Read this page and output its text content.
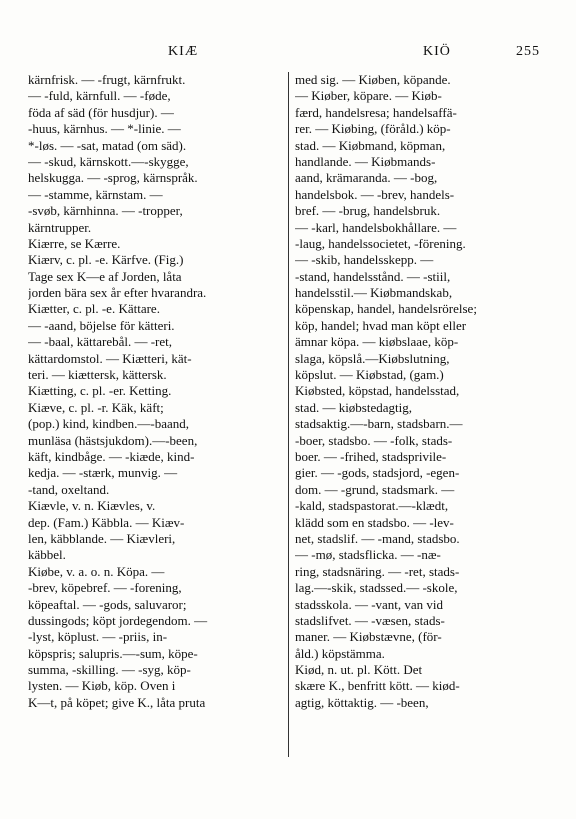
KIÆ	KIÖ	255
kärnfrisk. — -frugt, kärnfrukt.
— -fuld, kärnfull. — -føde,
föda af säd (för husdjur). —
-huus, kärnhus. — *-linie. —
*-løs. — -sat, matad (om säd).
— -skud, kärnskott.—-skygge,
helskugga. — -sprog, kärnspråk.
— -stamme, kärnstam. —
-svøb, kärnhinna. — -tropper,
kärntrupper.
Kiærre, se Kærre.
Kiærv, c. pl. -e. Kärfve. (Fig.)
Tage sex K—e af Jorden, låta
jorden bära sex år efter hvarandra.
Kiætter, c. pl. -e. Kättare.
— -aand, böjelse för kätteri.
— -baal, kättarebål. — -ret,
kättardomstol. — Kiætteri, kät-
teri. — kiættersk, kättersk.
Kiætting, c. pl. -er. Ketting.
Kiæve, c. pl. -r. Käk, käft;
(pop.) kind, kindben.—-baand,
munläsa (hästsjukdom).—-been,
käft, kindbåge. — -kiæde, kind-
kedja. — -stærk, munvig. —
-tand, oxeltand.
Kiævle, v. n. Kiævles, v.
dep. (Fam.) Käbbla. — Kiæv-
len, käbblande. — Kiævleri,
käbbel.
Kiøbe, v. a. o. n. Köpa. —
-brev, köpebref. — -forening,
köpeaftal. — -gods, saluvaror;
dussingods; köpt jordegendom. —
-lyst, köplust. — -priis, in-
köpspris; salupris.—-sum, köpe-
summa, -skilling. — -syg, köp-
lysten. — Kiøb, köp. Oven i
K—t, på köpet; give K., låta pruta
med sig. — Kiøben, köpande.
— Kiøber, köpare. — Kiøb-
færd, handelsresa; handelsaffä-
rer. — Kiøbing, (föråld.) köp-
stad. — Kiøbmand, köpman,
handlande. — Kiøbmands-
aand, krämaranda. — -bog,
handelsbok. — -brev, handels-
bref. — -brug, handelsbruk.
— -karl, handelsbokhållare. —
-laug, handelssocietet, -förening.
— -skib, handelsskepp. —
-stand, handelsstånd. — -stiil,
handelsstil.— Kiøbmandskab,
köpenskap, handel, handelsrörelse;
köp, handel; hvad man köpt eller
ämnar köpa. — kiøbslaae, köp-
slaga, köpslå.—Kiøbslutning,
köpslut. — Kiøbstad, (gam.)
Kiøbsted, köpstad, handelsstad,
stad. — kiøbstedagtig,
stadsaktig.—-barn, stadsbarn.—
-boer, stadsbo. — -folk, stads-
boer. — -frihed, stadsprivile-
gier. — -gods, stadsjord, -egen-
dom. — -grund, stadsmark. —
-kald, stadspastorat.—-klædt,
klädd som en stadsbo. — -lev-
net, stadslif. — -mand, stadsbo.
— -mø, stadsflicka. — -næ-
ring, stadsnäring. — -ret, stads-
lag.—-skik, stadssed.— -skole,
stadsskola. — -vant, van vid
stadslifvet. — -væsen, stads-
maner. — Kiøbstævne, (för-
åld.) köpstämma.
Kiød, n. ut. pl. Kött. Det
skære K., benfritt kött. — kiød-
agtig, köttaktig. — -been,
